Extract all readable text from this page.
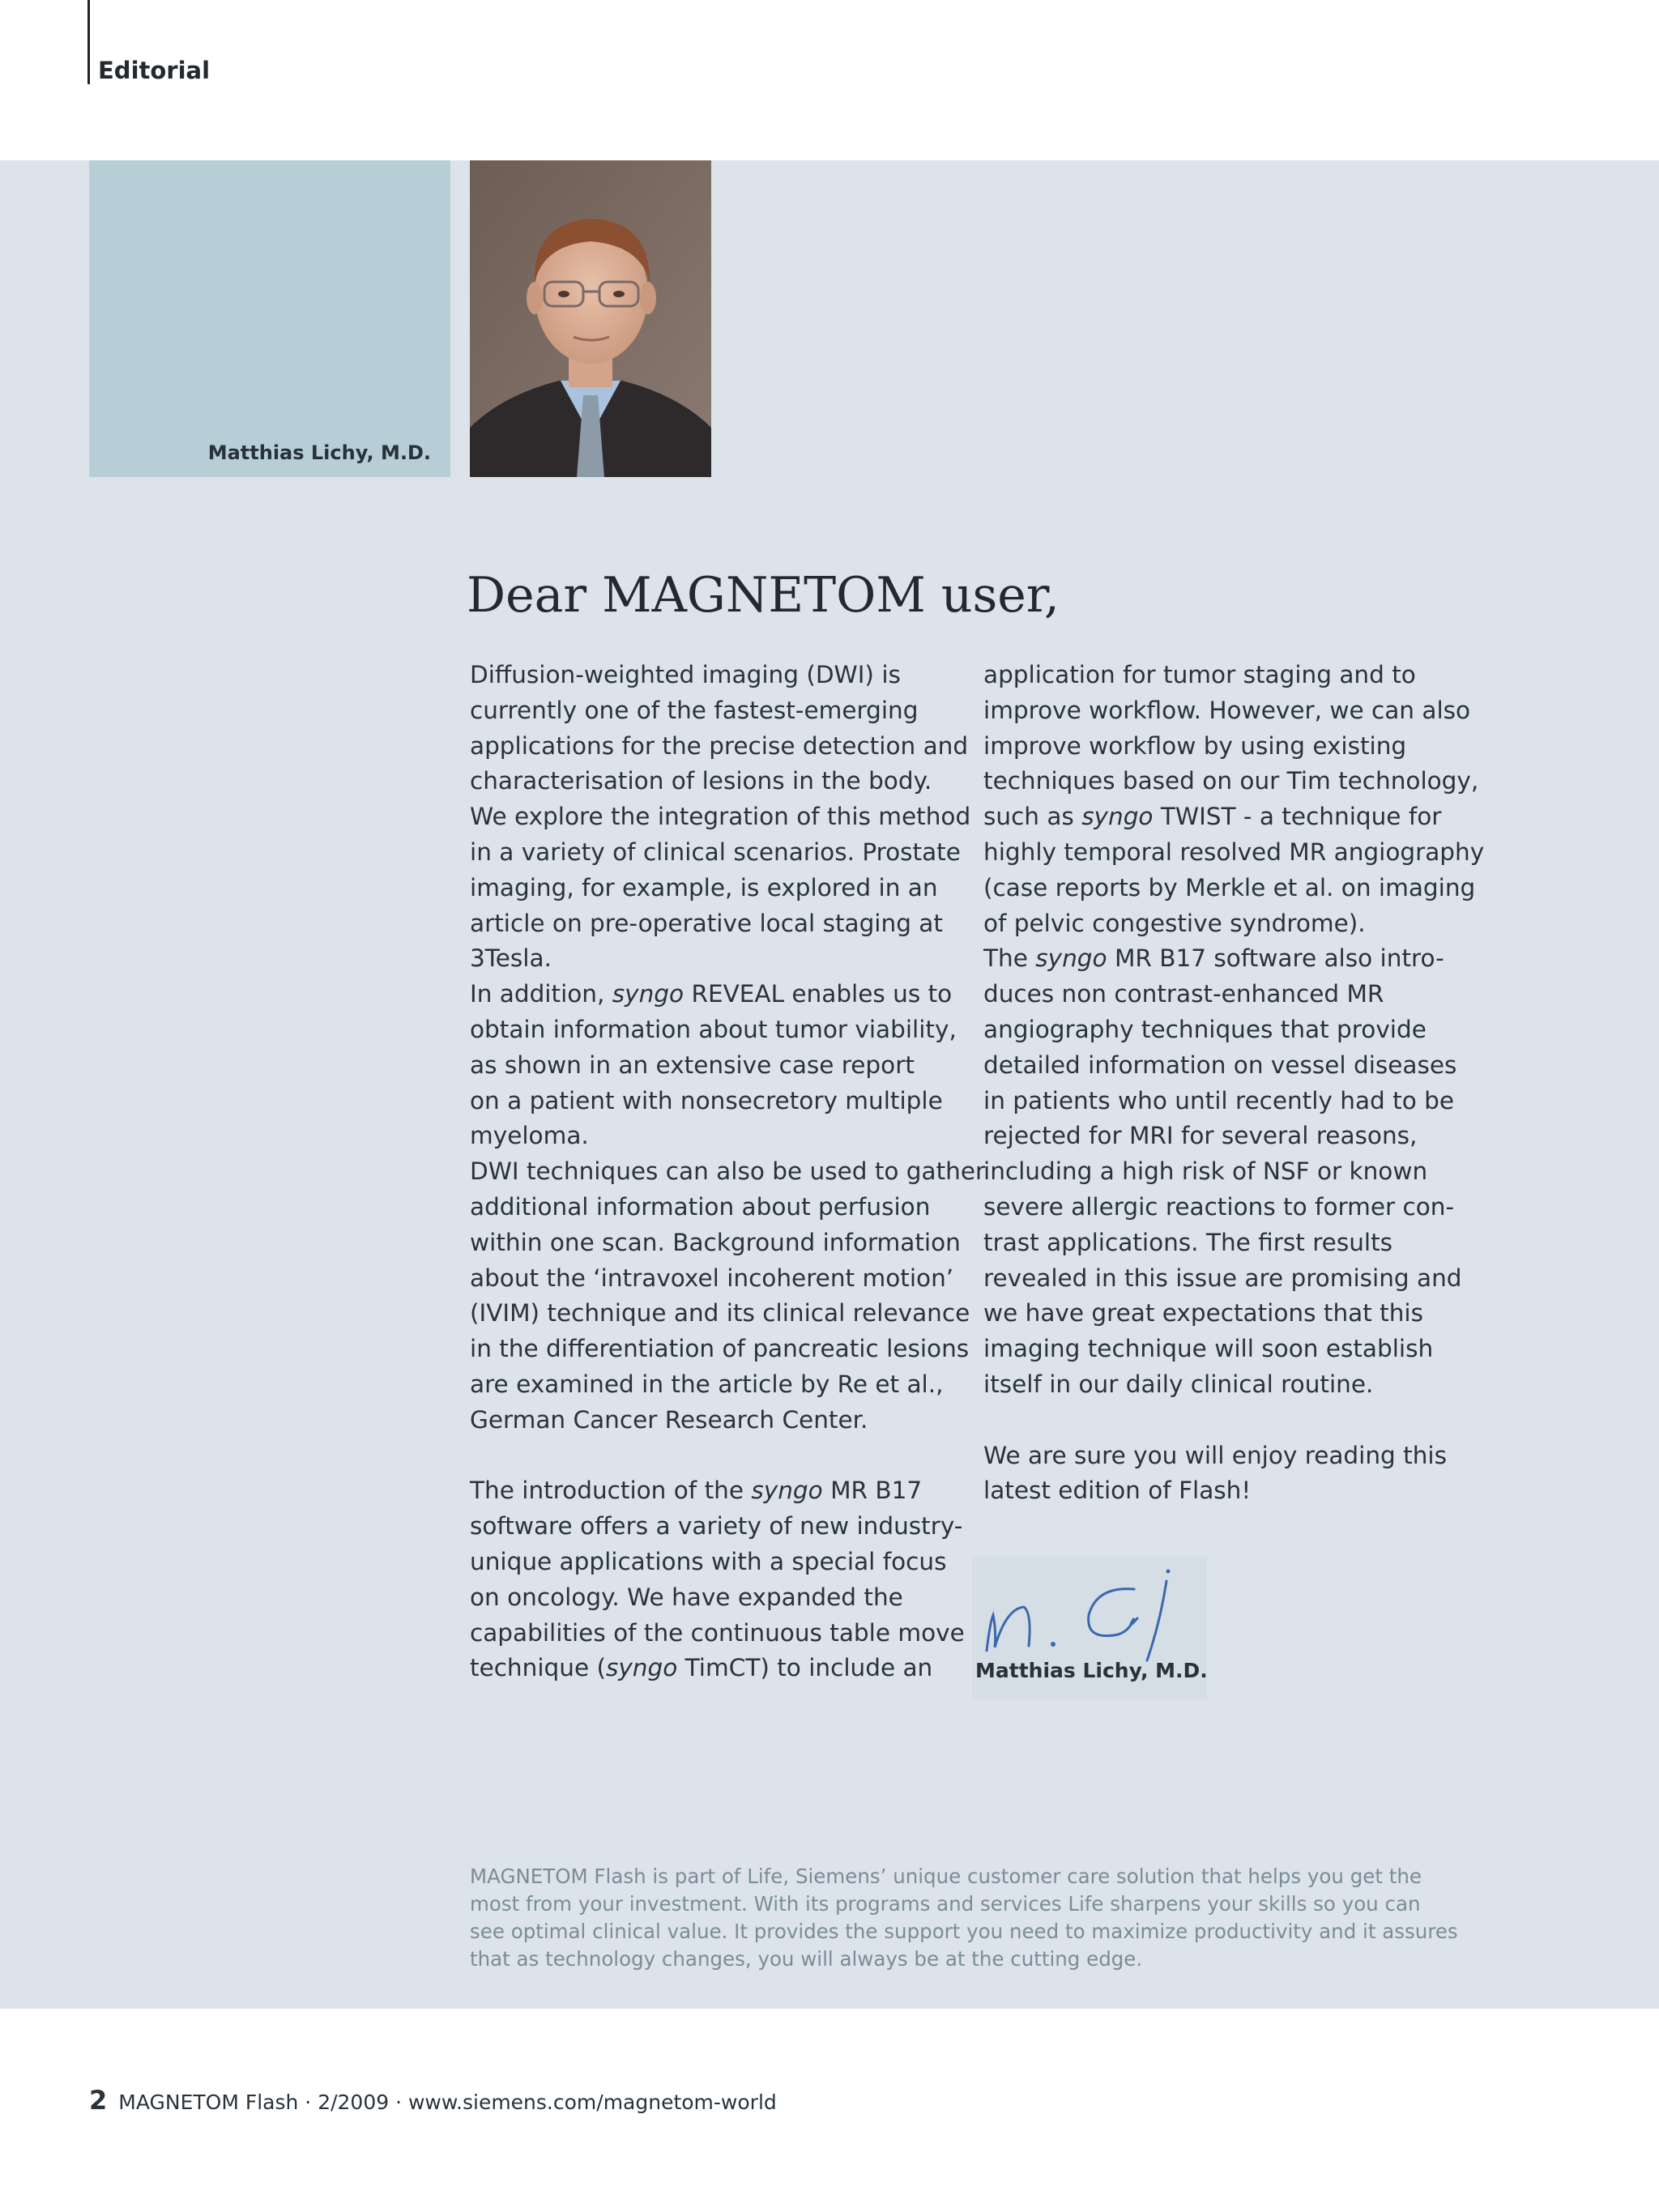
Editorial
Matthias Lichy, M.D.
Dear MAGNETOM user,

Diffusion-weighted imaging (DWI) is

currently one of the fastest-emerging

applications for the precise detection and

characterisation of lesions in the body.

We explore the integration of this method

in a variety of clinical scenarios. Prostate

imaging, for example, is explored in an

article on pre-operative local staging at

3Tesla.

In addition, syngo REVEAL enables us to

obtain information about tumor viability,

as shown in an extensive case report

on a patient with nonsecretory multiple

myeloma.

DWI techniques can also be used to gather

additional information about perfusion

within one scan. Background information

about the ‘intravoxel incoherent motion’

(IVIM) technique and its clinical relevance

in the differentiation of pancreatic lesions

are examined in the article by Re et al.,

German Cancer Research Center.

The introduction of the syngo MR B17

software offers a variety of new industry-

unique applications with a special focus

on oncology. We have expanded the

capabilities of the continuous table move

technique (syngo TimCT) to include an

application for tumor staging and to

improve workflow. However, we can also

improve workflow by using existing

techniques based on our Tim technology,

such as syngo TWIST - a technique for

highly temporal resolved MR angiography

(case reports by Merkle et al. on imaging

of pelvic congestive syndrome).

The syngo MR B17 software also intro-

duces non contrast-enhanced MR

angiography techniques that provide

detailed information on vessel diseases

in patients who until recently had to be

rejected for MRI for several reasons,

including a high risk of NSF or known

severe allergic reactions to former con-

trast applications. The first results

revealed in this issue are promising and

we have great expectations that this

imaging technique will soon establish

itself in our daily clinical routine.

We are sure you will enjoy reading this

latest edition of Flash!

Matthias Lichy, M.D.

MAGNETOM Flash is part of Life, Siemens’ unique customer care solution that helps you get the

most from your investment. With its programs and services Life sharpens your skills so you can

see optimal clinical value. It provides the support you need to maximize productivity and it assures

that as technology changes, you will always be at the cutting edge.

2 MAGNETOM Flash · 2/2009 · www.siemens.com/magnetom-world
